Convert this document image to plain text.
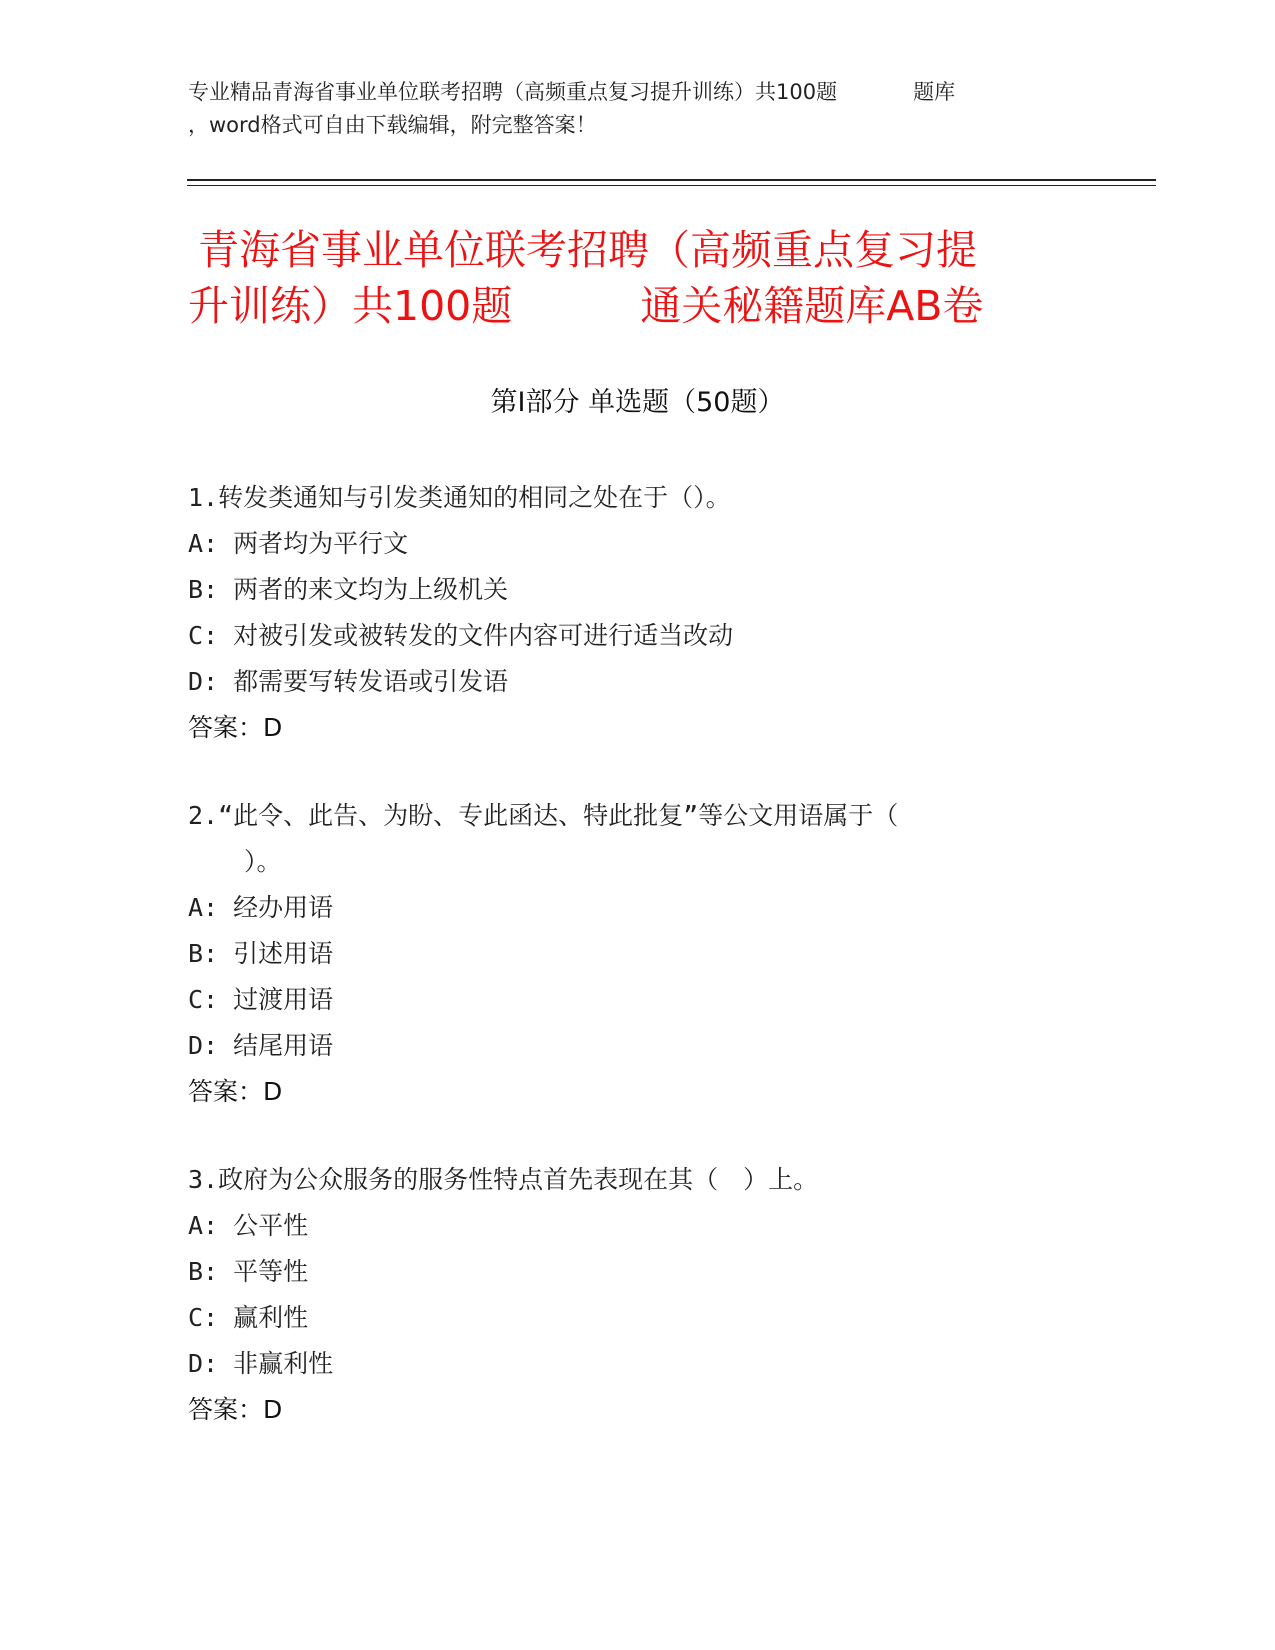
专业精品青海省事业单位联考招聘（高频重点复习提升训练）共100题	题库
，word格式可自由下载编辑，附完整答案！
青海省事业单位联考招聘（高频重点复习提
升训练）共100题	通关秘籍题库AB卷
第Ⅰ部分 单选题（50题）
1.转发类通知与引发类通知的相同之处在于（）。
A: 两者均为平行文
B: 两者的来文均为上级机关
C: 对被引发或被转发的文件内容可进行适当改动
D: 都需要写转发语或引发语
答案：D
2.“此令、此告、为盼、专此函达、特此批复”等公文用语属于（
）。
A: 经办用语
B: 引述用语
C: 过渡用语
D: 结尾用语
答案：D
3.政府为公众服务的服务性特点首先表现在其（　）上。
A: 公平性
B: 平等性
C: 赢利性
D: 非赢利性
答案：D
